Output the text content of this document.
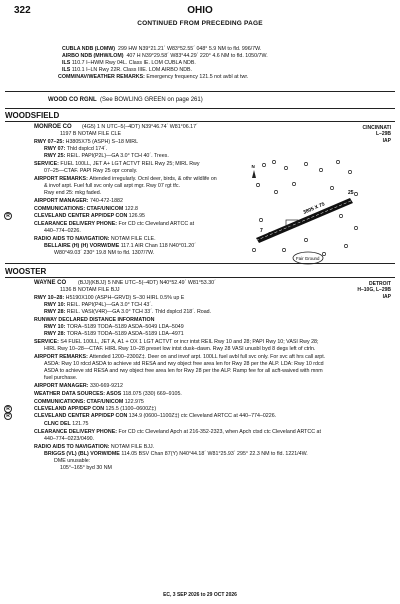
322	OHIO
CONTINUED FROM PRECEDING PAGE
CUBLA NDB (LOMW) 299 HW N39°21.21´ W83°52.55´ 048° 5.9 NM to fld. 996/7W.
AIRBO NDB (MHW/LOM) 407 H N39°29.58´ W83°44.29´ 220° 4.6 NM to fld. 1050/7W.
ILS 110.7 I–HWM Rwy 04L. Class IE. LOM CUBLA NDB.
ILS 110.1 I–LN Rwy 22R. Class IIIE. LOM AIRBO NDB.
COMM/NAV/WEATHER REMARKS: Emergency frequency 121.5 not avbl at twr.
WOOD CO RGNL (See BOWLING GREEN on page 261)
WOODSFIELD
MONROE CO (4G5) 1 N UTC–5(–4DT) N39°46.74´ W81°06.17´
1197 B NOTAM FILE CLE
CINCINNATI
L–29B
IAP
RWY 07–25: H3805X75 (ASPH) S–18 MIRL
RWY 07: Thld dsplcd 174´.
RWY 25: REIL. PAPI(P2L)—GA 3.0° TCH 40´. Trees.
SERVICE: FUEL 100LL, JET A+ LGT ACTVT REIL Rwy 25; MIRL Rwy
07–25—CTAF. PAPI Rwy 25 opr consly.
AIRPORT REMARKS: Attended irregularly. Ocnl deer, birds, & othr wildlife on
& invof arpt. Fuel full svc only call arpt mgr. Rwy 07 rgt tfc.
Rwy end 25: mkg faded.
AIRPORT MANAGER: 740-472-1882
COMMUNICATIONS: CTAF/UNICOM 122.8
R	CLEVELAND CENTER APP/DEP CON 126.95
CLEARANCE DELIVERY PHONE: For CD ctc Cleveland ARTCC at
440–774–0226.
RADIO AIDS TO NAVIGATION: NOTAM FILE CLE.
BELLAIRE (H) (H) VORW/DME 117.1 AIR Chan 118 N40°01.20´
W80°49.03´ 230° 19.8 NM to fld. 1307/7W.
3805 X 75
7
25
Fair Ground
N
WOOSTER
WAYNE CO (BJJ)(KBJJ) 5 NNE UTC–5(–4DT) N40°52.49´ W81°53.30´
1136 B NOTAM FILE BJJ
DETROIT
H–10G, L–29B
IAP
RWY 10–28: H5190X100 (ASPH–GRVD) S–30 HIRL 0.5% up E
RWY 10: REIL. PAPI(P4L)—GA 3.0° TCH 43´.
RWY 28: REIL. VASI(V4R)—GA 3.0° TCH 33´. Thld dsplcd 218´. Road.
RUNWAY DECLARED DISTANCE INFORMATION
RWY 10: TORA–5189 TODA–5189 ASDA–5049 LDA–5049
RWY 28: TORA–5189 TODA–5189 ASDA–5189 LDA–4971
SERVICE: S4 FUEL 100LL, JET A, A1 + OX 1 LGT ACTVT or incr intst REIL Rwy 10 and 28; PAPI Rwy 10; VASI Rwy 28;
HIRL Rwy 10–28—CTAF. HIRL Rwy 10–28 preset low intst dusk–dawn. Rwy 28 VASI unusbl byd 8 degs left of ctrln.
AIRPORT REMARKS: Attended 1200–2300Z‡. Deer on and invof arpt. 100LL fuel avbl full svc only. For svc aft hrs call arpt.
ASDA: Rwy 10 rdcd ASDA to achieve std RESA and rwy object free area len for Rwy 28 per the ALP. LDA: Rwy 10 rdcd
ASDA to achieve std RESA and rwy object free area len for Rwy 28 per the ALP. Ramp fee for all acft-waived with mnm
fuel purchase.
AIRPORT MANAGER: 330-669-9212
WEATHER DATA SOURCES: ASOS 118.075 (330) 669–9105.
COMMUNICATIONS: CTAF/UNICOM 122.975
R	CLEVELAND APP/DEP CON 125.5 (1100–0600Z‡)
R	CLEVELAND CENTER APP/DEP CON 134.9 (0600–1100Z‡) ctc Cleveland ARTCC at 440–774–0226.
CLNC DEL 121.75
CLEARANCE DELIVERY PHONE: For CD ctc Cleveland Apch at 216-352-2323, when Apch ctsd ctc Cleveland ARTCC at
440–774–0223/0490.
RADIO AIDS TO NAVIGATION: NOTAM FILE BJJ.
BRIGGS (VL) (BL) VORW/DME 114.05 BSV Chan 87(Y) N40°44.18´ W81°25.93´ 295° 22.3 NM to fld. 1221/4W.
DME unusable:
105°–165° byd 30 NM
EC, 3 SEP 2026 to 29 OCT 2026
